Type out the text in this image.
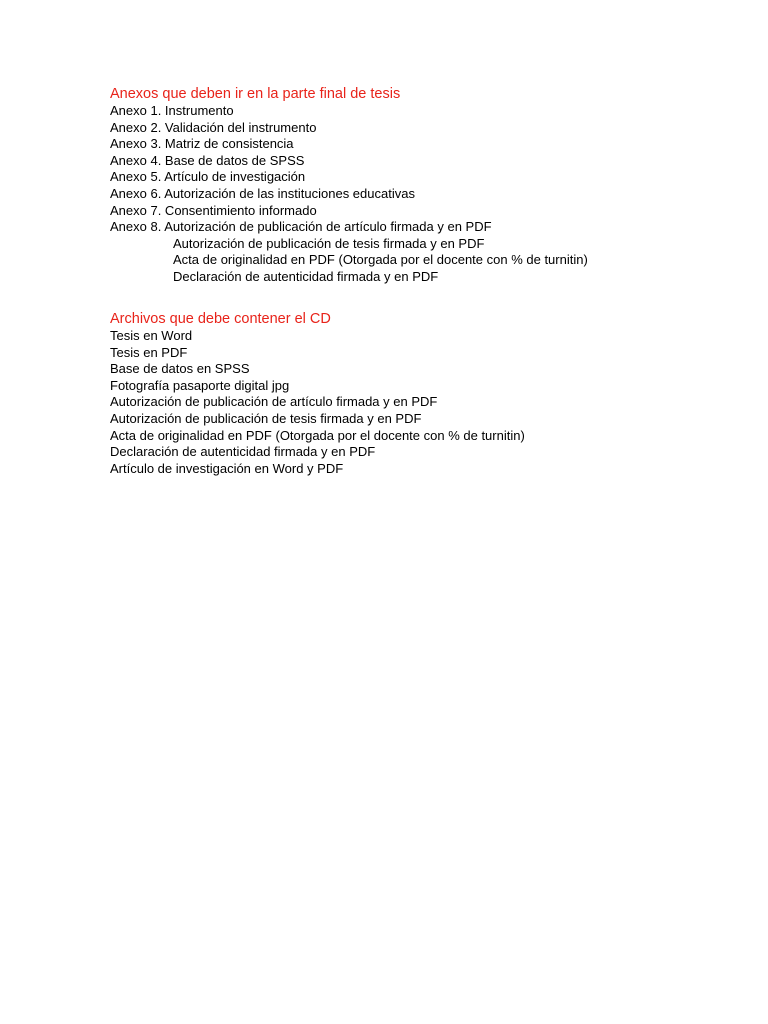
Anexos que deben ir en la parte final de tesis
Anexo 1. Instrumento
Anexo 2. Validación del instrumento
Anexo 3. Matriz de consistencia
Anexo 4. Base de datos de SPSS
Anexo 5. Artículo de investigación
Anexo 6. Autorización de las instituciones educativas
Anexo 7. Consentimiento informado
Anexo 8. Autorización de publicación de artículo firmada y en PDF
Autorización de publicación de tesis firmada y en PDF
Acta de originalidad en PDF (Otorgada por el docente con % de turnitin)
Declaración de autenticidad firmada y en PDF
Archivos que debe contener el CD
Tesis en Word
Tesis en PDF
Base de datos en SPSS
Fotografía pasaporte digital jpg
Autorización de publicación de artículo firmada y en PDF
Autorización de publicación de tesis firmada y en PDF
Acta de originalidad en PDF (Otorgada por el docente con % de turnitin)
Declaración de autenticidad firmada y en PDF
Artículo de investigación en Word y PDF
